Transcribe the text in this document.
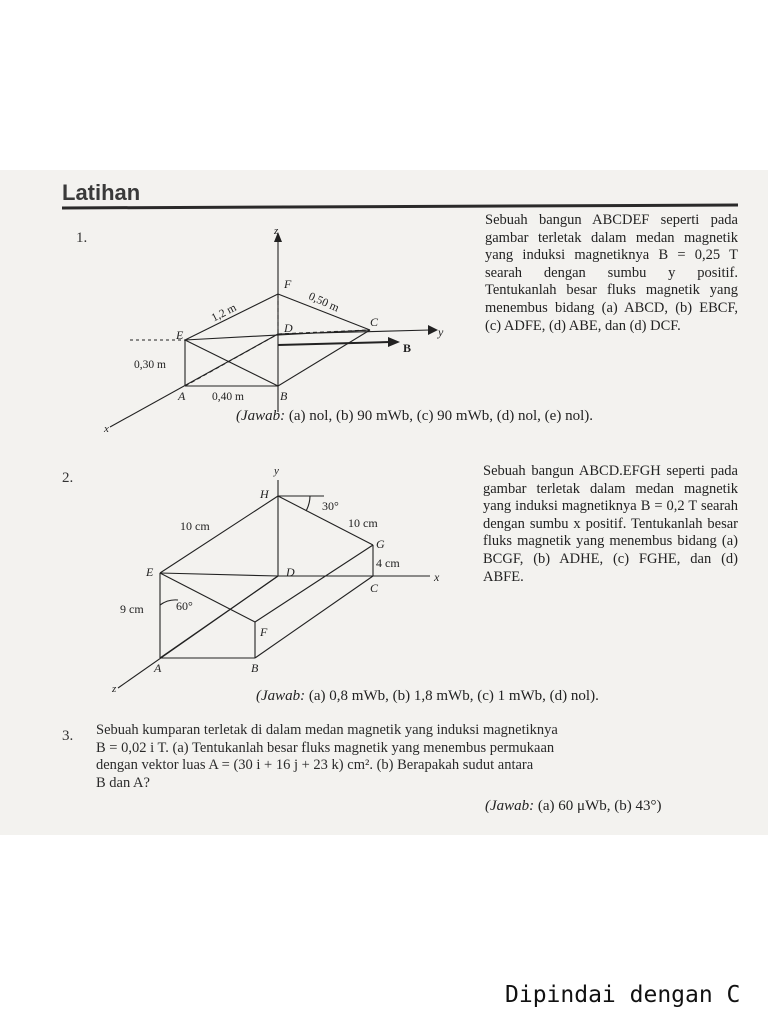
Latihan
1.	z
y
x
F
E	D	C
A	B
B
1,2 m	0,50 m
0,30 m
0,40 m
Sebuah bangun ABCDEF seperti pada gambar terletak dalam medan magnetik yang induksi magnetiknya B = 0,25 T searah dengan sumbu y positif. Tentukanlah besar fluks magnetik yang menembus bidang (a) ABCD, (b) EBCF, (c) ADFE, (d) ABE, dan (d) DCF.
(Jawab: (a) nol, (b) 90 mWb, (c) 90 mWb, (d) nol, (e) nol).
2.	y
x
z
H
G
E	D
C
F
A	B
30°
60°
10 cm	10 cm
4 cm
9 cm
Sebuah bangun ABCD.EFGH seperti pada gambar terletak dalam medan magnetik yang induksi magnetiknya B = 0,2 T searah dengan sumbu x positif. Tentukanlah besar fluks magnetik yang menembus bidang (a) BCGF, (b) ADHE, (c) FGHE, dan (d) ABFE.
(Jawab: (a) 0,8 mWb, (b) 1,8 mWb, (c) 1 mWb, (d) nol).
3. Sebuah kumparan terletak di dalam medan magnetik yang induksi magnetiknya
B = 0,02 i T. (a) Tentukanlah besar fluks magnetik yang menembus permukaan
dengan vektor luas A = (30 i + 16 j + 23 k) cm². (b) Berapakah sudut antara
B dan A?
(Jawab: (a) 60 μWb, (b) 43°)
Dipindai dengan C
